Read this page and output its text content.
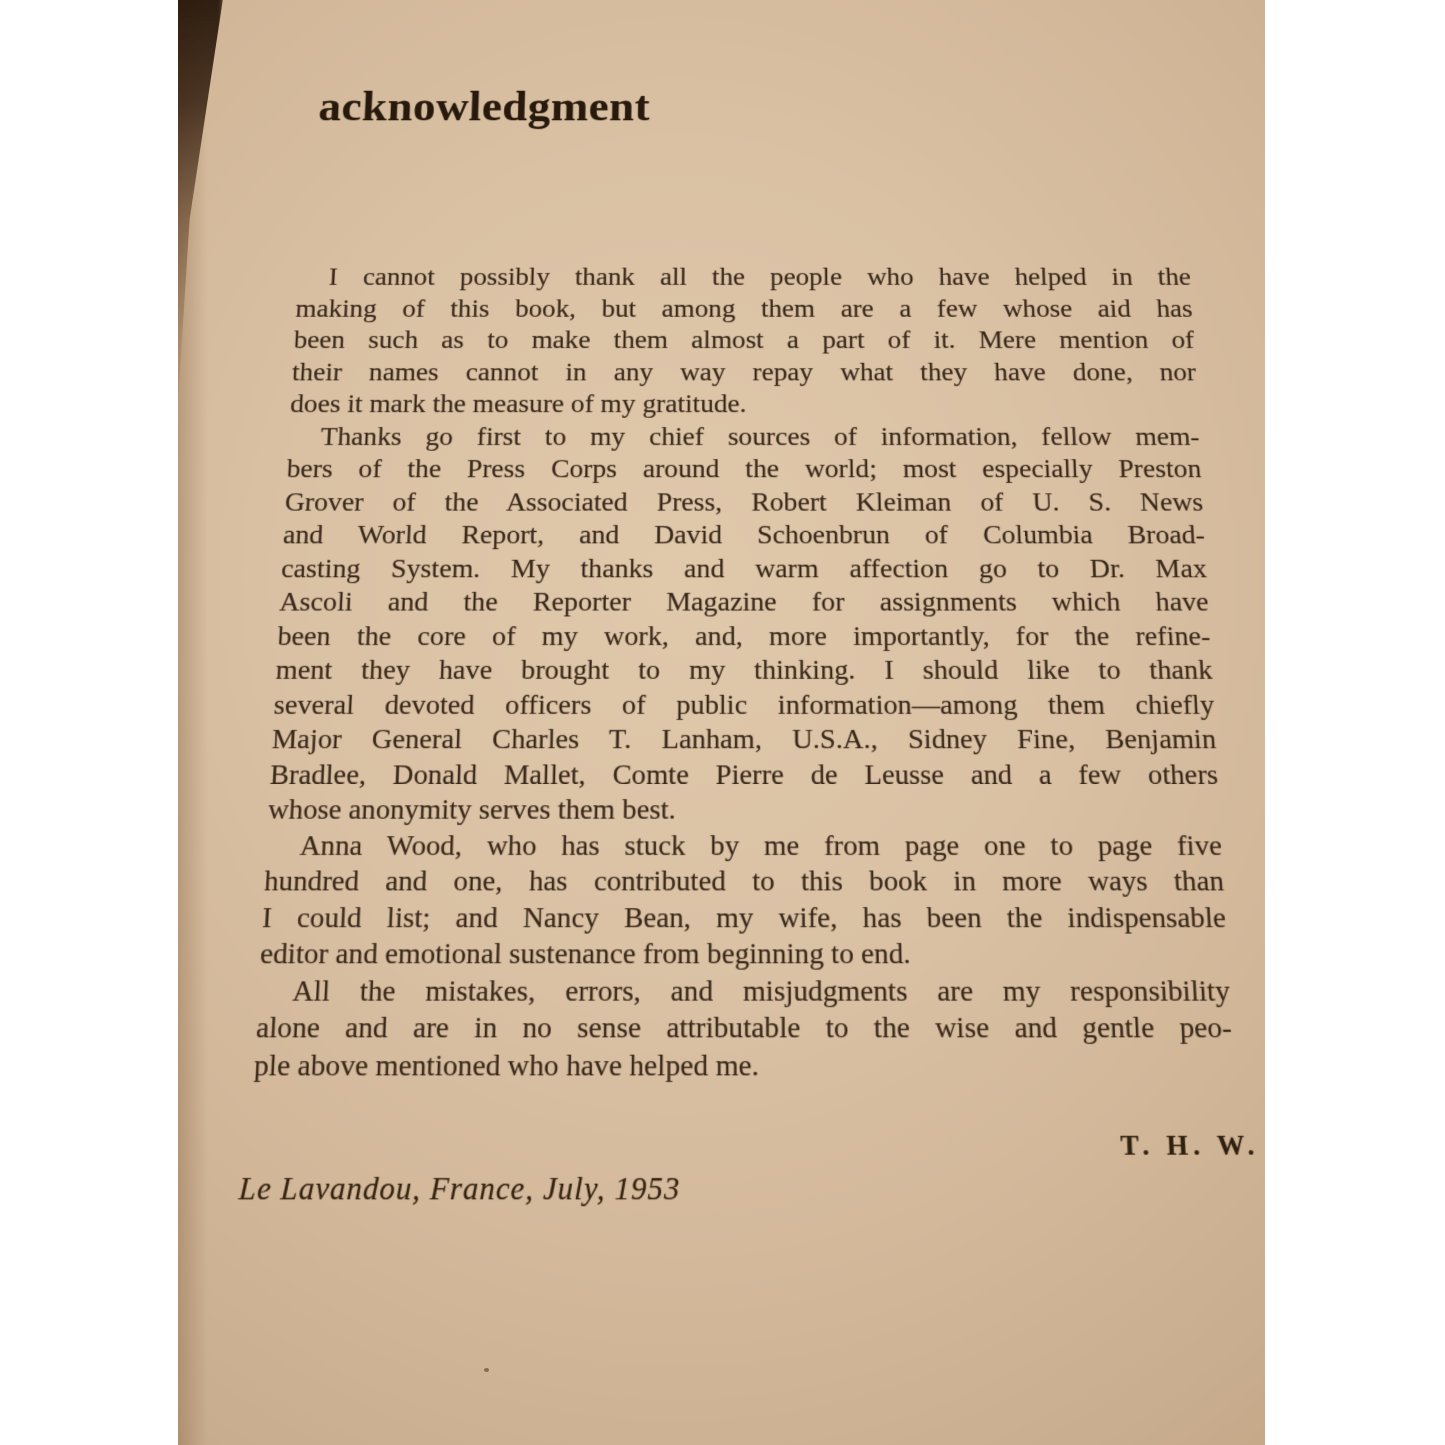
acknowledgment

I cannot possibly thank all the people who have helped in the

making of this book, but among them are a few whose aid has

been such as to make them almost a part of it. Mere mention of

their names cannot in any way repay what they have done, nor

does it mark the measure of my gratitude.

Thanks go first to my chief sources of information, fellow mem-

bers of the Press Corps around the world; most especially Preston

Grover of the Associated Press, Robert Kleiman of U. S. News

and World Report, and David Schoenbrun of Columbia Broad-

casting System. My thanks and warm affection go to Dr. Max

Ascoli and the Reporter Magazine for assignments which have

been the core of my work, and, more importantly, for the refine-

ment they have brought to my thinking. I should like to thank

several devoted officers of public information—among them chiefly

Major General Charles T. Lanham, U.S.A., Sidney Fine, Benjamin

Bradlee, Donald Mallet, Comte Pierre de Leusse and a few others

whose anonymity serves them best.

Anna Wood, who has stuck by me from page one to page five

hundred and one, has contributed to this book in more ways than

I could list; and Nancy Bean, my wife, has been the indispensable

editor and emotional sustenance from beginning to end.

All the mistakes, errors, and misjudgments are my responsibility

alone and are in no sense attributable to the wise and gentle peo-

ple above mentioned who have helped me.

T. H. W.

Le Lavandou, France, July, 1953
